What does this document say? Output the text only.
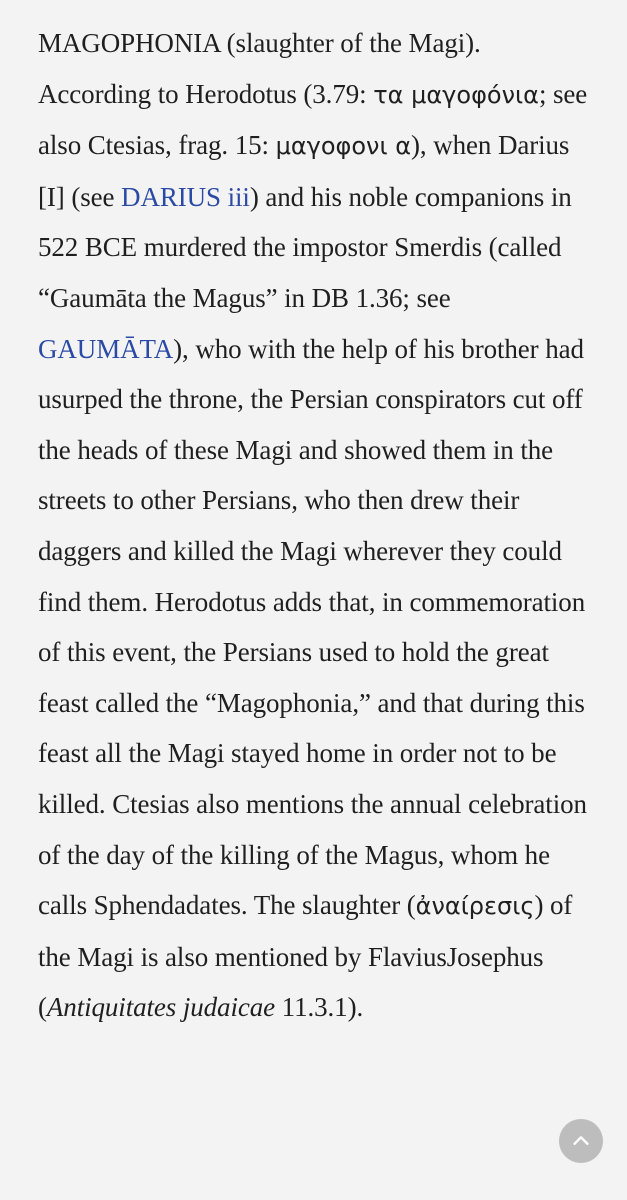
MAGOPHONIA (slaughter of the Magi). According to Herodotus (3.79: τα μαγοφόνια; see also Ctesias, frag. 15: μαγοφονι α), when Darius [I] (see DARIUS iii) and his noble companions in 522 BCE murdered the impostor Smerdis (called “Gaumāta the Magus” in DB 1.36; see GAUMĀTA), who with the help of his brother had usurped the throne, the Persian conspirators cut off the heads of these Magi and showed them in the streets to other Persians, who then drew their daggers and killed the Magi wherever they could find them. Herodotus adds that, in commemoration of this event, the Persians used to hold the great feast called the “Magophonia,” and that during this feast all the Magi stayed home in order not to be killed. Ctesias also mentions the annual celebration of the day of the killing of the Magus, whom he calls Sphendadates. The slaughter (ἀναίρεσις) of the Magi is also mentioned by FlaviusJosephus (Antiquitates judaicae 11.3.1).
